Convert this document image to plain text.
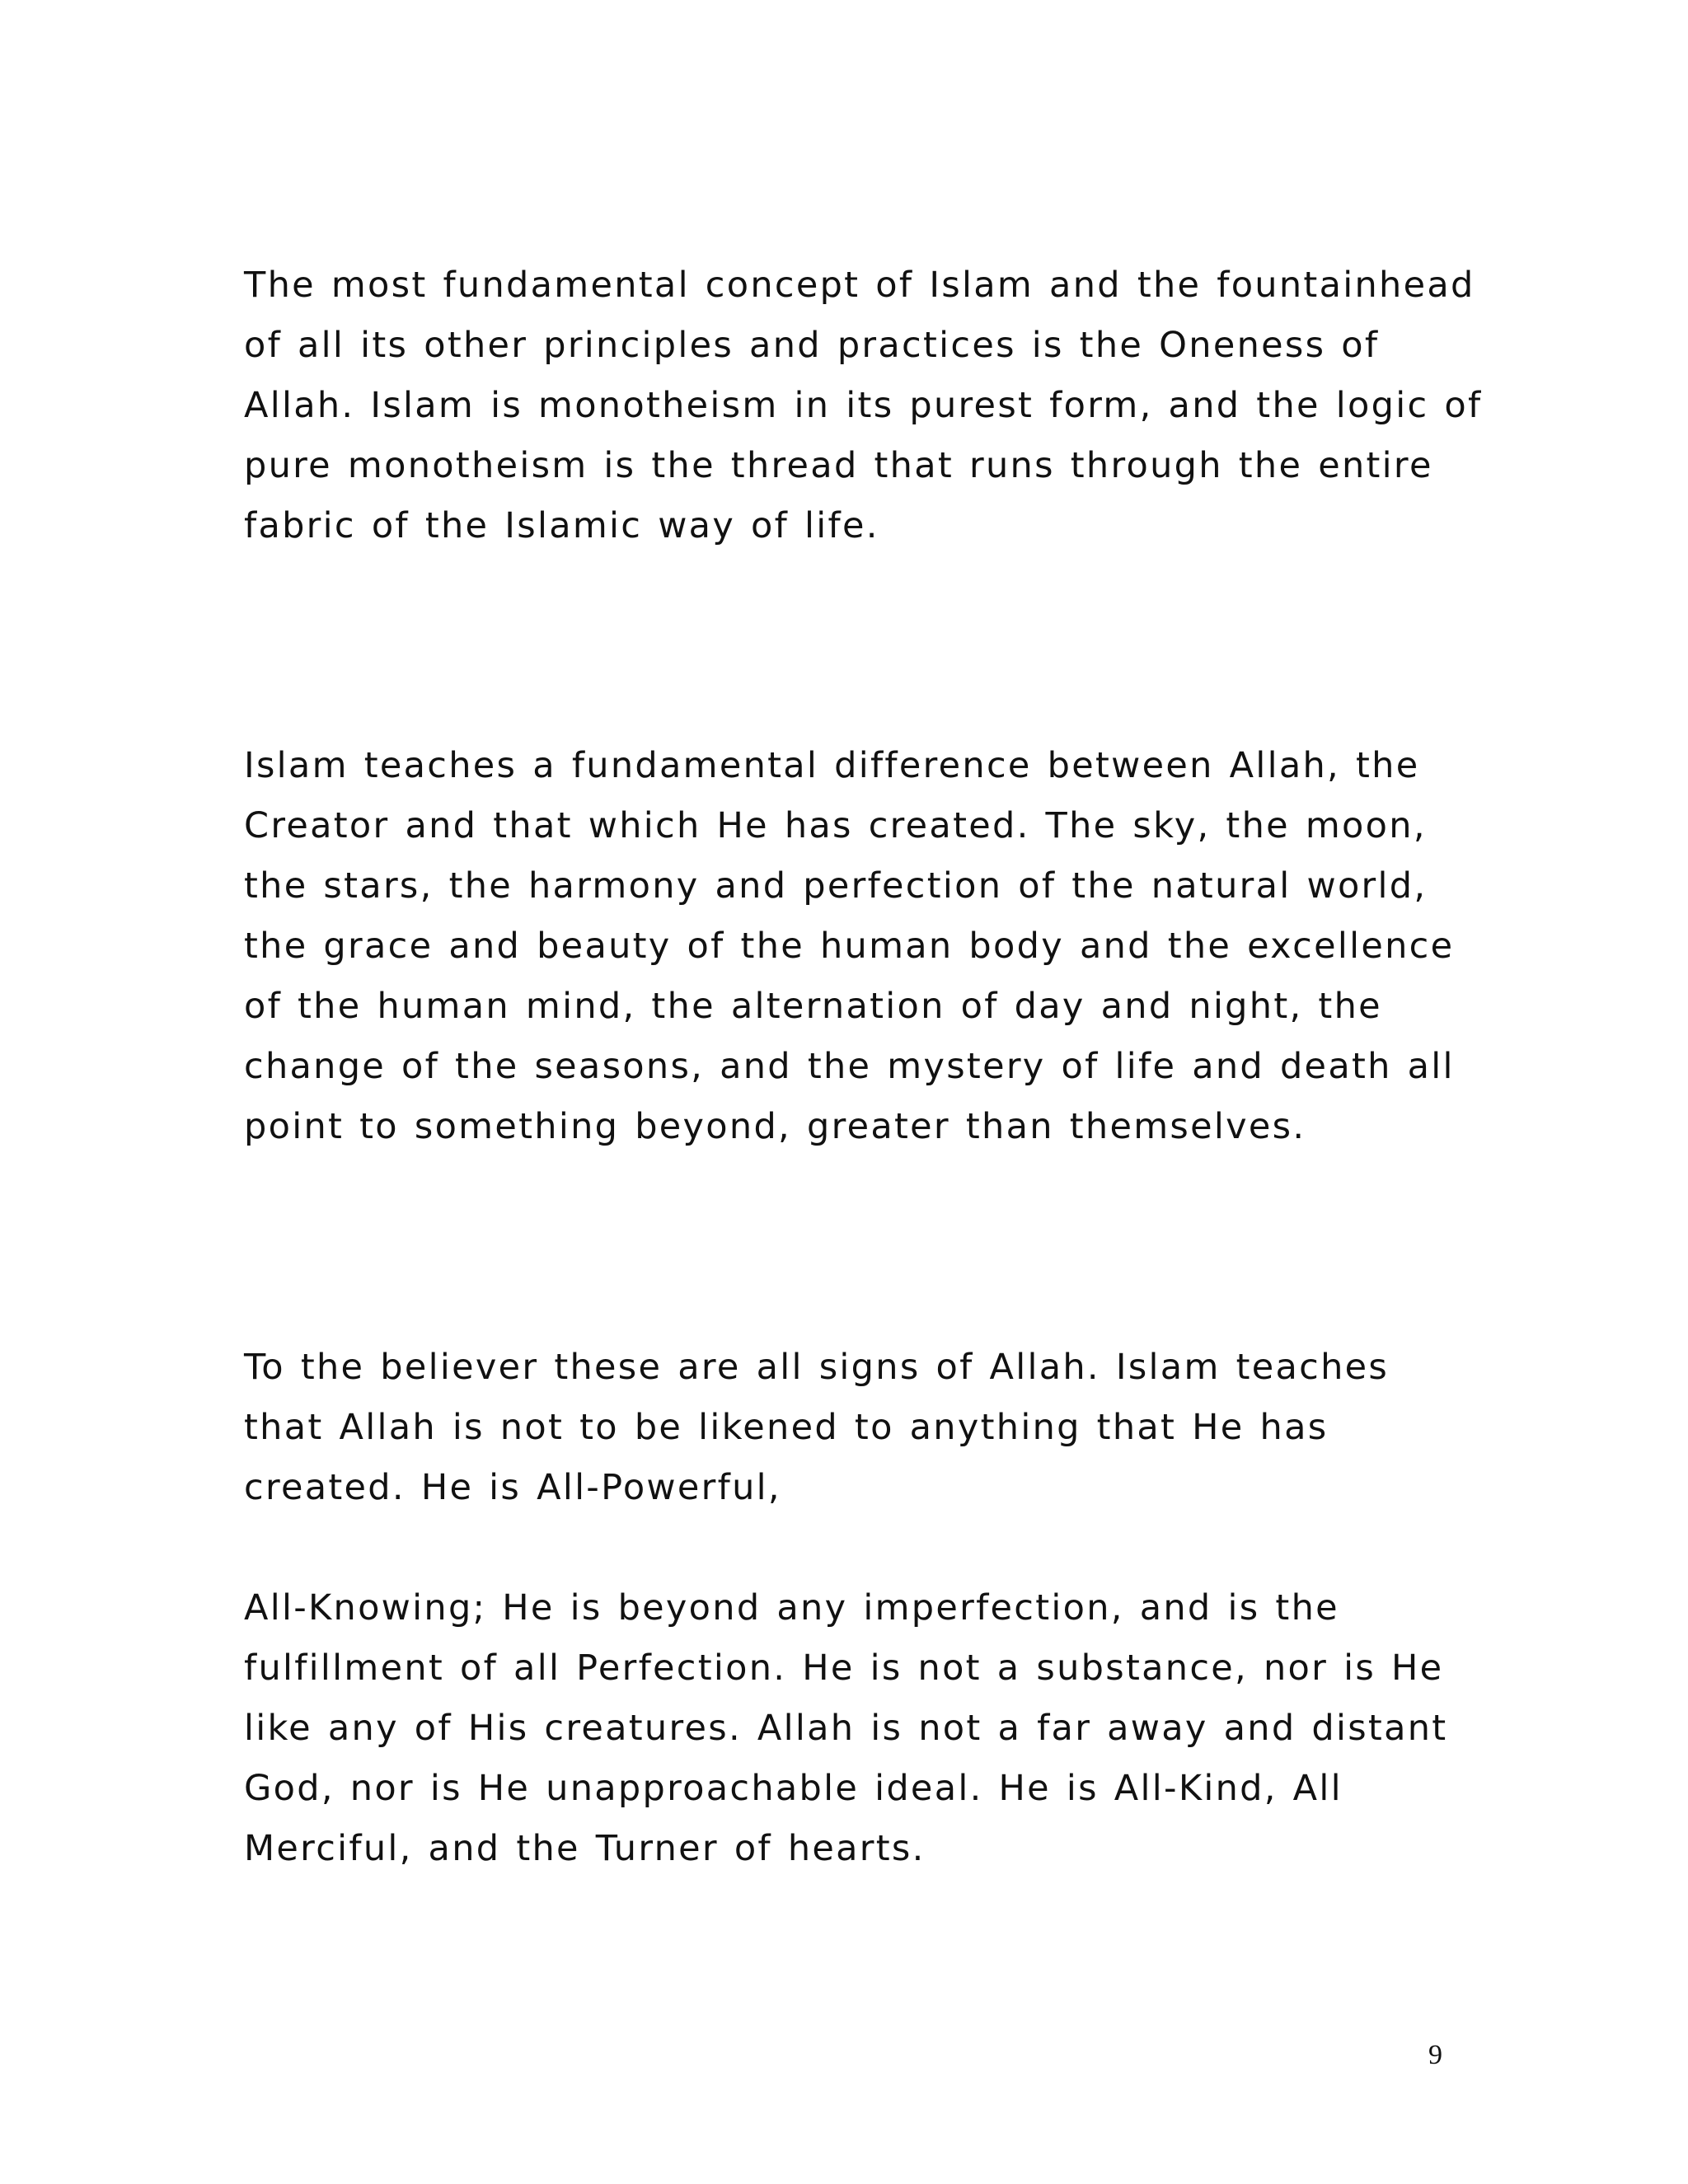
The most fundamental concept of Islam and the fountainhead
of all its other principles and practices is the Oneness of
Allah. Islam is monotheism in its purest form, and the logic of
pure monotheism is the thread that runs through the entire
fabric of the Islamic way of life.

Islam teaches a fundamental difference between Allah, the
Creator and that which He has created. The sky, the moon,
the stars, the harmony and perfection of the natural world,
the grace and beauty of the human body and the excellence
of the human mind, the alternation of day and night, the
change of the seasons, and the mystery of life and death all
point to something beyond, greater than themselves.

To the believer these are all signs of Allah. Islam teaches
that Allah is not to be likened to anything that He has
created. He is All-Powerful,

All-Knowing; He is beyond any imperfection, and is the
fulfillment of all Perfection. He is not a substance, nor is He
like any of His creatures. Allah is not a far away and distant
God, nor is He unapproachable ideal. He is All-Kind, All
Merciful, and the Turner of hearts.

9
